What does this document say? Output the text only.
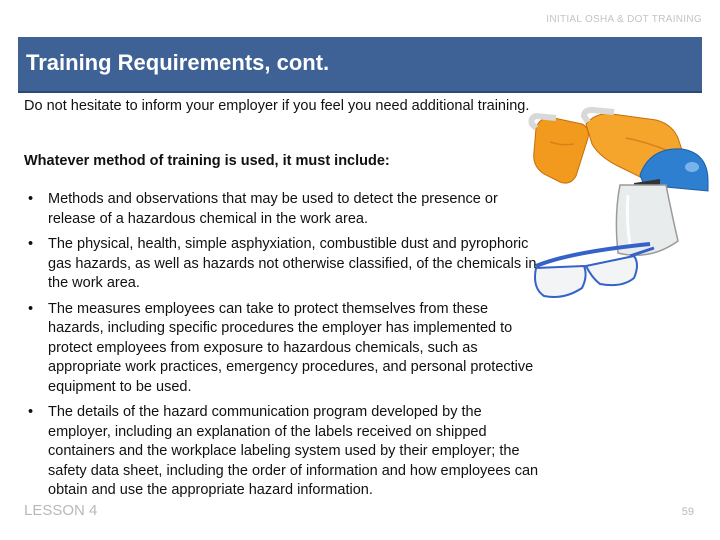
INITIAL OSHA & DOT TRAINING
Training Requirements, cont.
Do not hesitate to inform your employer if you feel you need additional training.
Whatever method of training is used, it must include:
• Methods and observations that may be used to detect the presence or release of a hazardous chemical in the work area.
• The physical, health, simple asphyxiation, combustible dust and pyrophoric gas hazards, as well as hazards not otherwise classified, of the chemicals in the work area.
• The measures employees can take to protect themselves from these hazards, including specific procedures the employer has implemented to protect employees from exposure to hazardous chemicals, such as appropriate work practices, emergency procedures, and personal protective equipment to be used.
• The details of the hazard communication program developed by the employer, including an explanation of the labels received on shipped containers and the workplace labeling system used by their employer; the safety data sheet, including the order of information and how employees can obtain and use the appropriate hazard information.
LESSON 4	59
